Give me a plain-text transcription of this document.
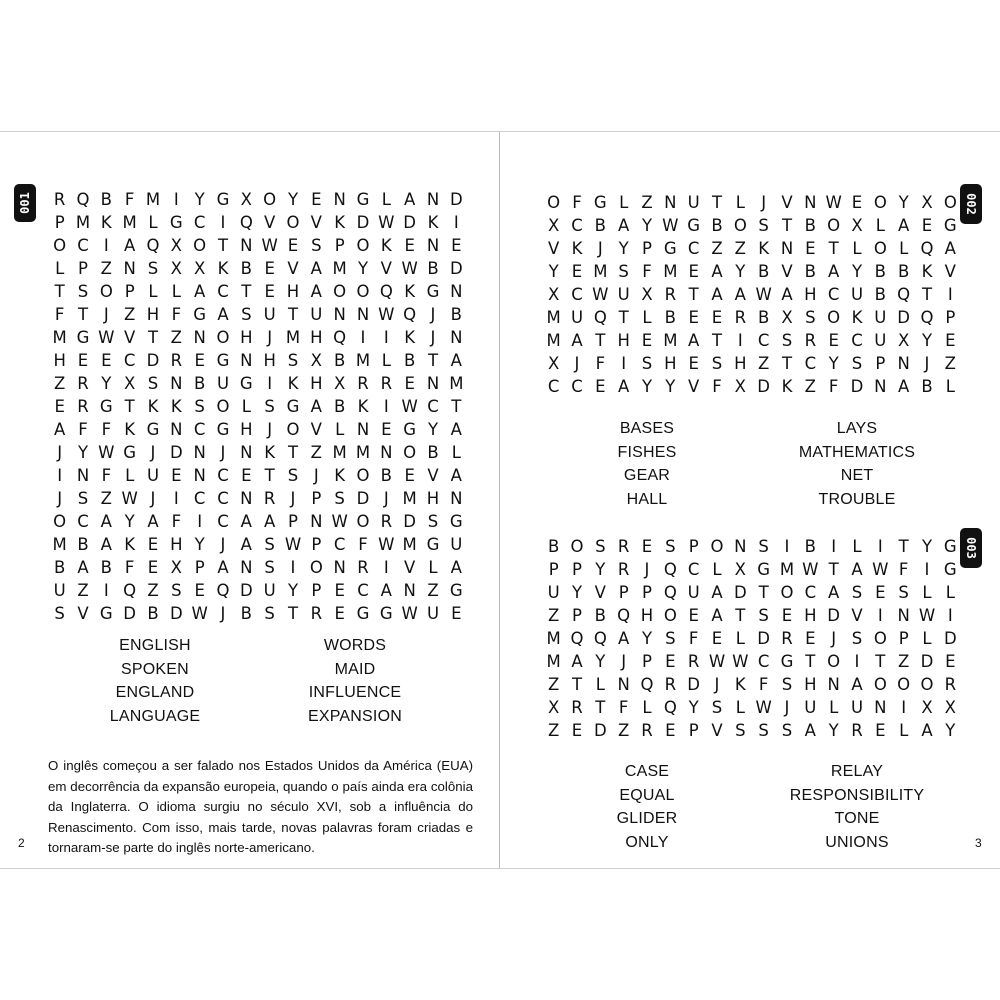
001	R Q B F M I Y G X O Y E N G L A N D
P M K M L G C I Q V O V K D W D K I
O C I A Q X O T N W E S P O K E N E
L P Z N S X X K B E V A M Y V W B D
T S O P L L A C T E H A O O Q K G N
F T J Z H F G A S U T U N N W Q J B
M G W V T Z N O H J M H Q I	I K J N
H E E C D R E G N H S X B M L B T A
Z R Y X S N B U G I K H X R R E N M
E R G T K K S O L S G A B K I W C T
A F F K G N C G H J O V L N E G Y A
J Y W G J D N J N K T Z M M N O B L
I N F L U E N C E T S J K O B E V A
J S Z W J	I C C N R J P S D J M H N
O C A Y A F I C A A P N W O R D S G
M B A K E H Y J A S W P C F W M G U
B A B F E X P A N S I O N R I V L A
U Z I Q Z S E Q D U Y P E C A N Z G
S V G D B D W J B S T R E G G W U E
ENGLISH	WORDS
SPOKEN	MAID
ENGLAND	INFLUENCE
LANGUAGE	EXPANSION

O inglês começou a ser falado nos Estados Unidos da América (EUA) em decorrência da expansão europeia, quando o país ainda era colônia da Inglaterra. O idioma surgiu no século XVI, sob a influência do Renascimento. Com isso, mais tarde, novas palavras foram criadas e tornaram-se parte do inglês norte-americano.

2
002
O F G L Z N U T L J V N W E O Y X O
X C B A Y W G B O S T B O X L A E G
V K J Y P G C Z Z K N E T L O L Q A
Y E M S F M E A Y B V B A Y B B K V
X C W U X R T A A W A H C U B Q T I
M U Q T L B E E R B X S O K U D Q P
M A T H E M A T I C S R E C U X Y E
X J F I S H E S H Z T C Y S P N J Z
C C E A Y Y V F X D K Z F D N A B L
BASES	LAYS
FISHES	MATHEMATICS
GEAR	NET
HALL	TROUBLE
003
B O S R E S P O N S I B I L I T Y G
P P Y R J Q C L X G M W T A W F I G
U Y V P P Q U A D T O C A S E S L L
Z P B Q H O E A T S E H D V I N W I
M Q Q A Y S F E L D R E J S O P L D
M A Y J P E R W W C G T O I T Z D E
Z T L N Q R D J K F S H N A O O O R
X R T F L Q Y S L W J U L U N I X X
Z E D Z R E P V S S S A Y R E L A Y
CASE	RELAY
EQUAL	RESPONSIBILITY
GLIDER	TONE
ONLY	UNIONS	3
